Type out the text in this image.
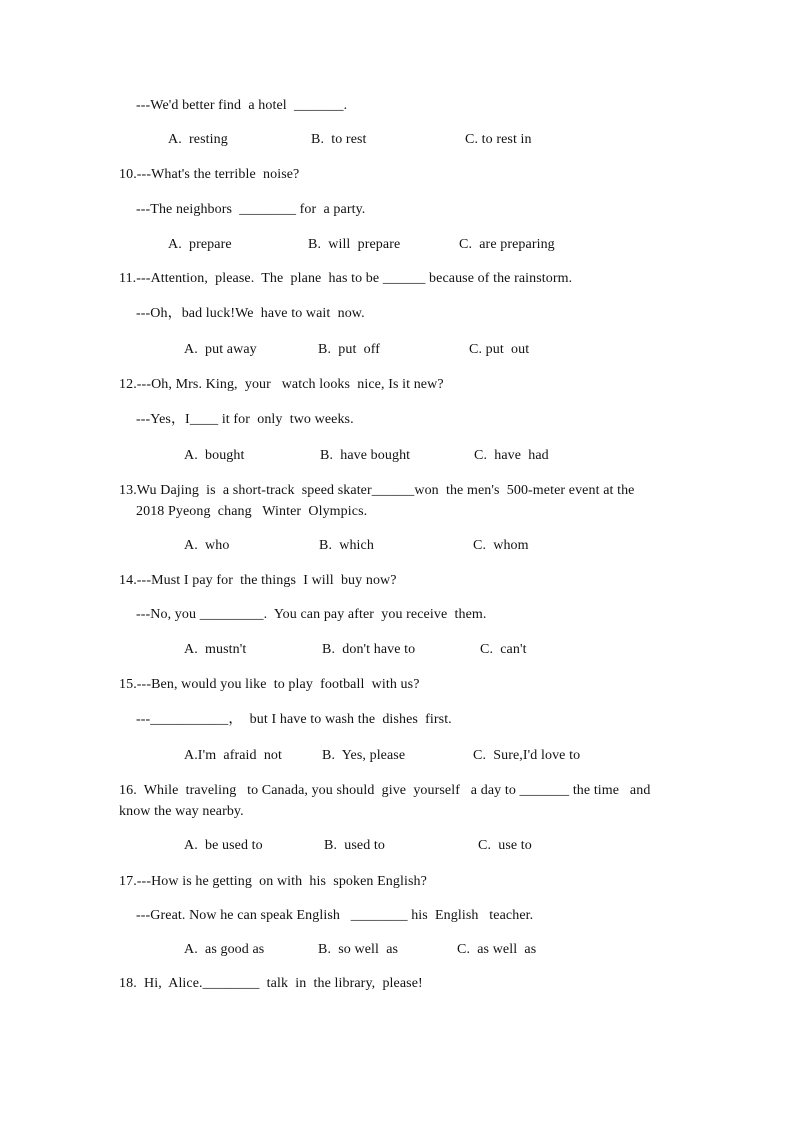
---We'd better find  a hotel  _______.
A.  resting	B.  to rest	C. to rest in
10.---What's the terrible  noise?
---The neighbors  ________ for  a party.
A.  prepare	B.  will  prepare	C.  are preparing
11.---Attention,  please.  The  plane  has to be ______ because of the rainstorm.
---Oh，bad luck!We  have to wait  now.
A.  put away	B.  put  off	C. put  out
12.---Oh, Mrs. King,  your   watch looks  nice, Is it new?
---Yes，I____ it for  only  two weeks.
A.  bought	B.  have bought	C.  have  had
13.Wu Dajing  is  a short-track  speed skater______won  the men's  500-meter event at the
2018 Pyeong  chang   Winter  Olympics.
A.  who	B.  which	C.  whom
14.---Must I pay for  the things  I will  buy now?
---No, you _________.  You can pay after  you receive  them.
A.  mustn't	B.  don't have to	C.  can't
15.---Ben, would you like  to play  football  with us?
---___________，  but I have to wash the  dishes  first.
A.I'm  afraid  not	B.  Yes, please	C.  Sure,I'd love to
16.  While  traveling   to Canada, you should  give  yourself   a day to _______ the time   and
know the way nearby.
A.  be used to	B.  used to	C.  use to
17.---How is he getting  on with  his  spoken English?
---Great. Now he can speak English   ________ his  English   teacher.
A.  as good as	B.  so well  as	C.  as well  as
18.  Hi,  Alice.________  talk  in  the library,  please!
